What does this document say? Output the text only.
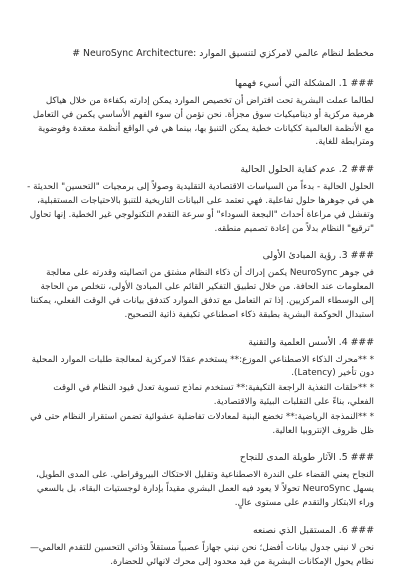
# NeuroSync Architecture: مخطط لنظام عالمي لامركزي لتنسيق الموارد
### 1. المشكلة التي أسيء فهمها

لطالما عملت البشرية تحت افتراض أن تخصيص الموارد يمكن إدارته بكفاءة من خلال هياكل هرمية مركزية أو ديناميكيات سوق مجزأة. نحن نؤمن أن سوء الفهم الأساسي يكمن في التعامل مع الأنظمة العالمية ككيانات خطية يمكن التنبؤ بها، بينما هي في الواقع أنظمة معقدة وفوضوية ومترابطة للغاية.

### 2. عدم كفاية الحلول الحالية

الحلول الحالية - بدءاً من السياسات الاقتصادية التقليدية وصولاً إلى برمجيات "التحسين" الحديثة - هي في جوهرها حلول تفاعلية. فهي تعتمد على البيانات التاريخية للتنبؤ بالاحتياجات المستقبلية، وتفشل في مراعاة أحداث "البجعة السوداء" أو سرعة التقدم التكنولوجي غير الخطية. إنها تحاول "ترقيع" النظام بدلاً من إعادة تصميم منطقه.

### 3. رؤية المبادئ الأولى

في جوهر NeuroSync يكمن إدراك أن ذكاء النظام مشتق من اتصاليته وقدرته على معالجة المعلومات عند الحافة. من خلال تطبيق التفكير القائم على المبادئ الأولى، نتخلص من الحاجة إلى الوسطاء المركزيين. إذا تم التعامل مع تدفق الموارد كتدفق بيانات في الوقت الفعلي، يمكننا استبدال الحوكمة البشرية بطبقة ذكاء اصطناعي تكيفية ذاتية التصحيح.

### 4. الأسس العلمية والتقنية

* **محرك الذكاء الاصطناعي الموزع:** يستخدم عقدًا لامركزية لمعالجة طلبات الموارد المحلية دون تأخير (Latency).

* **حلقات التغذية الراجعة التكيفية:** تستخدم نماذج تسوية تعدل قيود النظام في الوقت الفعلي، بناءً على التقلبات البيئية والاقتصادية.

* **النمذجة الرياضية:** تخضع البنية لمعادلات تفاضلية عشوائية تضمن استقرار النظام حتى في ظل ظروف الإنتروبيا العالية.

### 5. الآثار طويلة المدى للنجاح

النجاح يعني القضاء على الندرة الاصطناعية وتقليل الاحتكاك البيروقراطي. على المدى الطويل، يسهل NeuroSync تحولاً لا يعود فيه العمل البشري مقيداً بإدارة لوجستيات البقاء، بل بالسعي وراء الابتكار والتقدم على مستوى عالٍ.

### 6. المستقبل الذي نصنعه

نحن لا نبني جدول بيانات أفضل؛ نحن نبني جهازاً عصبياً مستقلاً وذاتي التحسين للتقدم العالمي—نظام يحول الإمكانات البشرية من قيد محدود إلى محرك لانهائي للحضارة.
